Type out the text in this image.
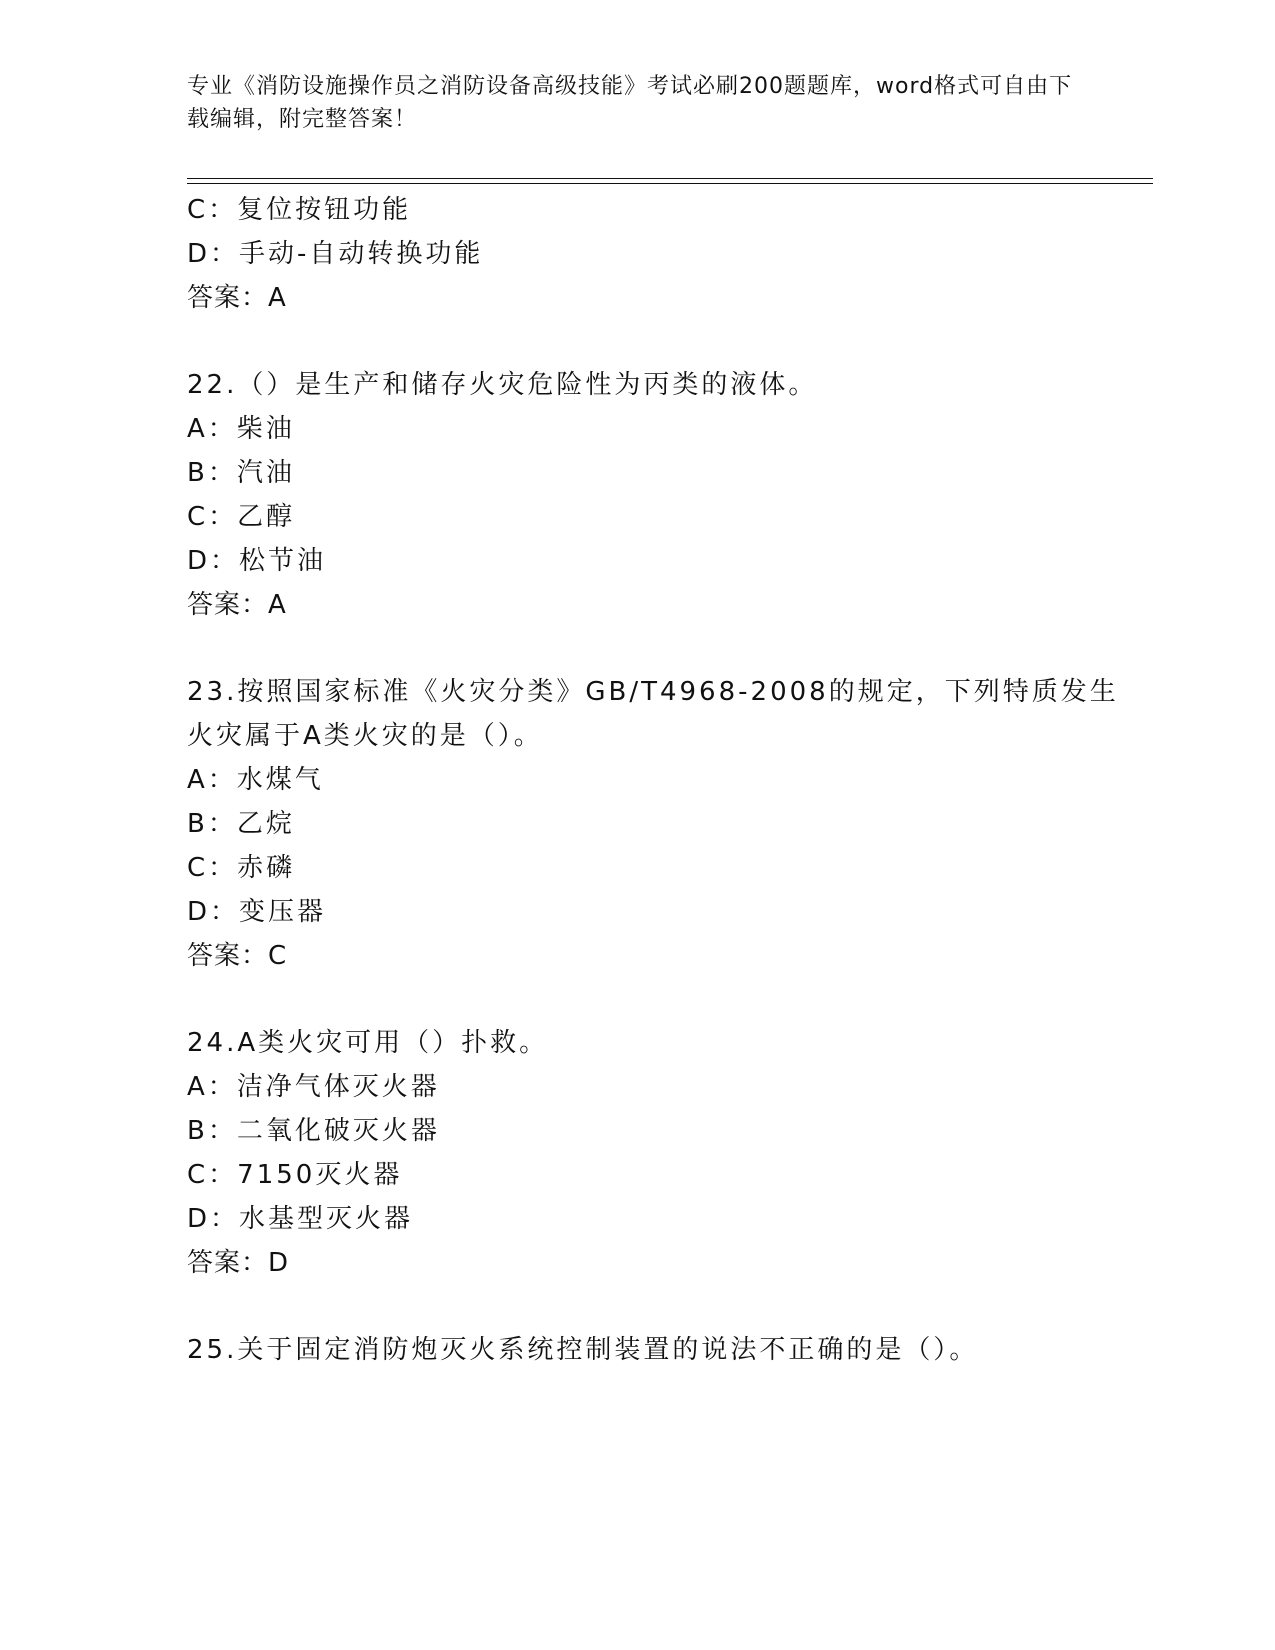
专业《消防设施操作员之消防设备高级技能》考试必刷200题题库，word格式可自由下载编辑，附完整答案！

C：复位按钮功能
D：手动-自动转换功能
答案：A
22.（）是生产和储存火灾危险性为丙类的液体。
A：柴油
B：汽油
C：乙醇
D：松节油
答案：A
23.按照国家标准《火灾分类》GB/T4968-2008的规定，下列特质发生
火灾属于A类火灾的是（）。
A：水煤气
B：乙烷
C：赤磷
D：变压器
答案：C
24.A类火灾可用（）扑救。
A：洁净气体灭火器
B：二氧化破灭火器
C：7150灭火器
D：水基型灭火器
答案：D
25.关于固定消防炮灭火系统控制装置的说法不正确的是（）。
